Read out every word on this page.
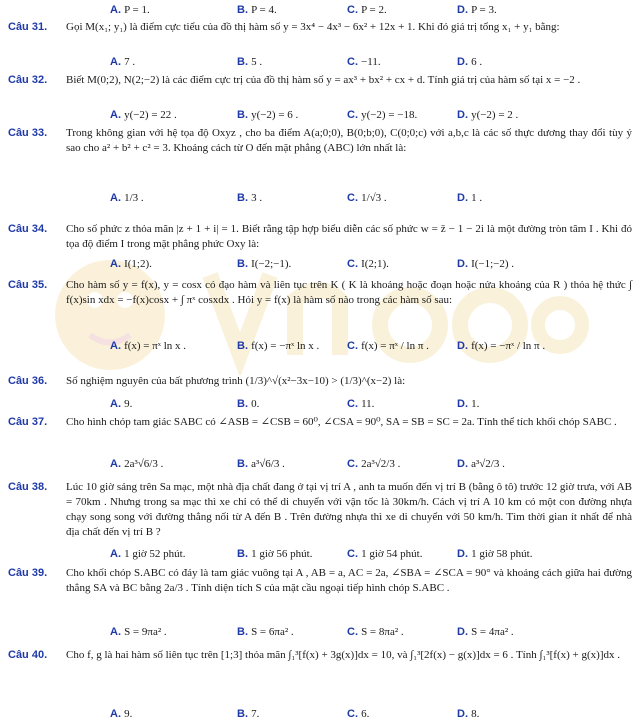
A. P = 1.	B. P = 4.	C. P = 2.	D. P = 3.
Câu 31. Gọi M(x₁; y₁) là điểm cực tiểu của đồ thị hàm số y = 3x⁴ − 4x³ − 6x² + 12x + 1. Khi đó giá trị tổng x₁ + y₁ bằng:
A. 7 .	B. 5 .	C. −11.	D. 6 .
Câu 32. Biết M(0;2), N(2;−2) là các điểm cực trị của đồ thị hàm số y = ax³ + bx² + cx + d. Tính giá trị của hàm số tại x = −2 .
A. y(−2) = 22 .	B. y(−2) = 6 .	C. y(−2) = −18.	D. y(−2) = 2 .
Câu 33. Trong không gian với hệ tọa độ Oxyz , cho ba điểm A(a;0;0), B(0;b;0), C(0;0;c) với a,b,c là các số thực dương thay đổi tùy ý sao cho a² + b² + c² = 3. Khoảng cách từ O đến mặt phẳng (ABC) lớn nhất là:
A. 1/3 .	B. 3 .	C. 1/√3 .	D. 1 .
Câu 34. Cho số phức z thỏa mãn |z + 1 + i| = 1. Biết rằng tập hợp biểu diễn các số phức w = z̄ − 1 − 2i là một đường tròn tâm I . Khi đó tọa độ điểm I trong mặt phẳng phức Oxy là:
A. I(1;2).	B. I(−2;−1).	C. I(2;1).	D. I(−1;−2) .
Câu 35. Cho hàm số y = f(x), y = cosx có đạo hàm và liên tục trên K ( K là khoảng hoặc đoạn hoặc nửa khoảng của R ) thỏa hệ thức ∫ f(x)sin xdx = −f(x)cosx + ∫ πˣ cosxdx . Hỏi y = f(x) là hàm số nào trong các hàm số sau:
A. f(x) = πˣ ln x .	B. f(x) = −πˣ ln x .	C. f(x) = πˣ / ln π .	D. f(x) = −πˣ / ln π .
Câu 36. Số nghiệm nguyên của bất phương trình (1/3)^√(x²−3x−10) > (1/3)^(x−2) là:
A. 9.	B. 0.	C. 11.	D. 1.
Câu 37. Cho hình chóp tam giác SABC có ∠ASB = ∠CSB = 60⁰, ∠CSA = 90⁰, SA = SB = SC = 2a. Tính thể tích khối chóp SABC .
A. 2a³√6/3 .	B. a³√6/3 .	C. 2a³√2/3 .	D. a³√2/3 .
Câu 38. Lúc 10 giờ sáng trên Sa mạc, một nhà địa chất đang ở tại vị trí A , anh ta muốn đến vị trí B (bằng ô tô) trước 12 giờ trưa, với AB = 70km . Nhưng trong sa mạc thì xe chỉ có thể di chuyển với vận tốc là 30km/h. Cách vị trí A 10 km có một con đường nhựa chạy song song với đường thẳng nối từ A đến B . Trên đường nhựa thì xe di chuyển với 50 km/h. Tìm thời gian ít nhất để nhà địa chất đến vị trí B ?
A. 1 giờ 52 phút.	B. 1 giờ 56 phút.	C. 1 giờ 54 phút.	D. 1 giờ 58 phút.
Câu 39. Cho khối chóp S.ABC có đáy là tam giác vuông tại A , AB = a, AC = 2a, ∠SBA = ∠SCA = 90° và khoảng cách giữa hai đường thẳng SA và BC bằng 2a/3 . Tính diện tích S của mặt cầu ngoại tiếp hình chóp S.ABC .
A. S = 9πa² .	B. S = 6πa² .	C. S = 8πa² .	D. S = 4πa² .
Câu 40. Cho f, g là hai hàm số liên tục trên [1;3] thỏa mãn ∫₁³[f(x) + 3g(x)]dx = 10, và ∫₁³[2f(x) − g(x)]dx = 6 . Tính ∫₁³[f(x) + g(x)]dx .
A. 9.	B. 7.	C. 6.	D. 8.
